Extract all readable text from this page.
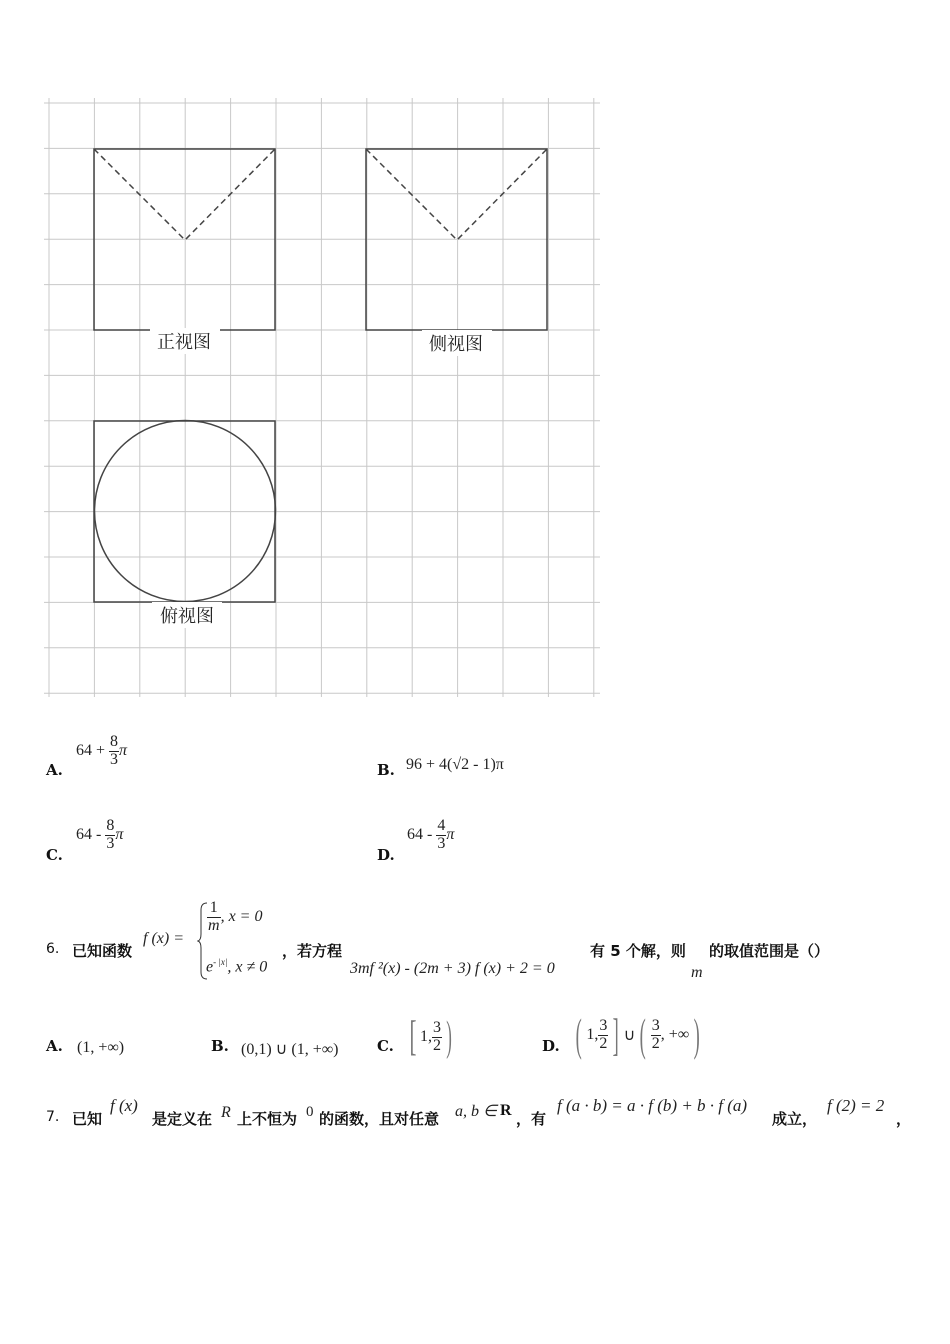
正视图	侧视图
俯视图
A.
$64 + \frac{8}{3}$ π
B. 96 + 4(√2 - 1)π
C.
$64 - \frac{8}{3}$ π
D.
$64 - \frac{4}{3}$ π
6. 已知函数
f (x) =
$\frac{1}{m}$ , x = 0
$e^{- |x|}$, x ≠ 0
，若方程
3mf ²(x) - (2m + 3) f (x) + 2 = 0
有 5 个解，则
m
的取值范围是（）
A. (1, +∞)	B. (0,1) ∪ (1, +∞)	C. [ 1, $\frac{3}{2}$ )	D. ( 1, $\frac{3}{2}$ ] ∪ ( $\frac{3}{2}$ , +∞ )
7. 已知
f (x)
是定义在 R 上不恒为 0 的函数，且对任意 a, b ∈ R ，有
f (a · b) = a · f (b) + b · f (a)
成立，
f (2) = 2
，
